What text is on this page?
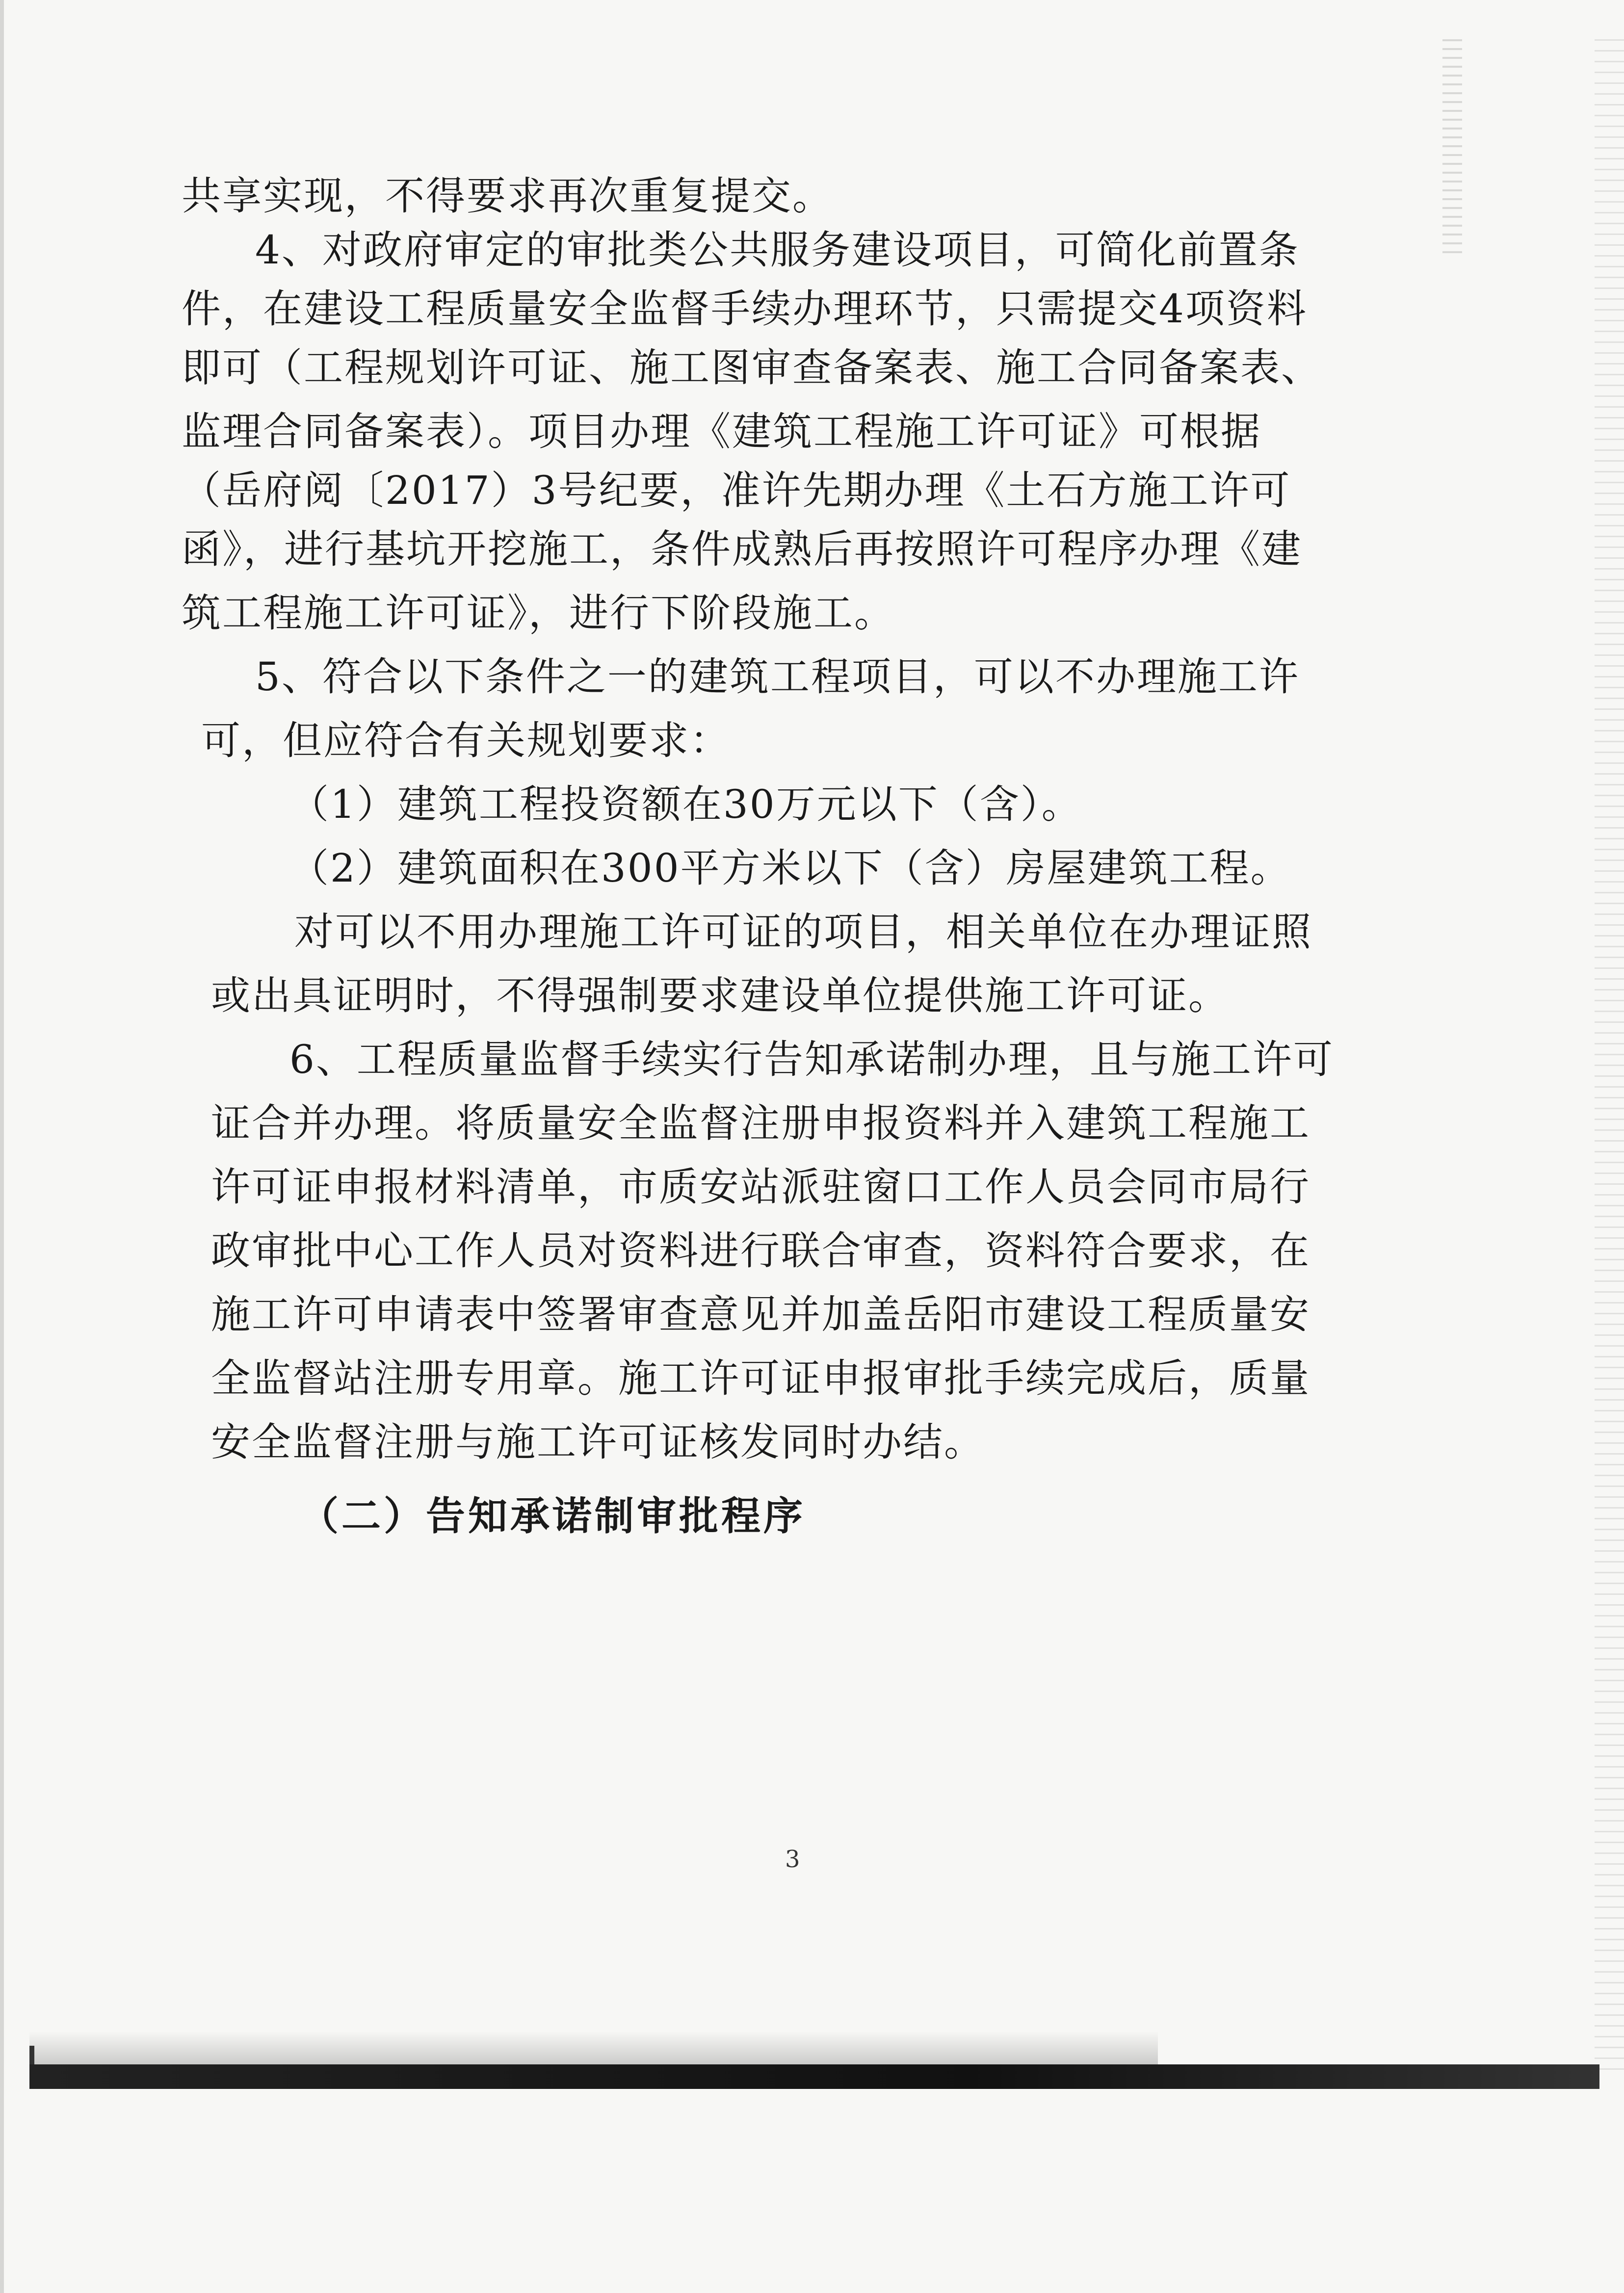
共享实现，不得要求再次重复提交。
4、对政府审定的审批类公共服务建设项目，可简化前置条
件，在建设工程质量安全监督手续办理环节，只需提交4项资料
即可（工程规划许可证、施工图审查备案表、施工合同备案表、
监理合同备案表）。项目办理《建筑工程施工许可证》可根据
（岳府阅〔2017）3号纪要，准许先期办理《土石方施工许可
函》，进行基坑开挖施工，条件成熟后再按照许可程序办理《建
筑工程施工许可证》，进行下阶段施工。
5、符合以下条件之一的建筑工程项目，可以不办理施工许
可，但应符合有关规划要求：
（1）建筑工程投资额在30万元以下（含）。
（2）建筑面积在300平方米以下（含）房屋建筑工程。
对可以不用办理施工许可证的项目，相关单位在办理证照
或出具证明时，不得强制要求建设单位提供施工许可证。
6、工程质量监督手续实行告知承诺制办理，且与施工许可
证合并办理。将质量安全监督注册申报资料并入建筑工程施工
许可证申报材料清单，市质安站派驻窗口工作人员会同市局行
政审批中心工作人员对资料进行联合审查，资料符合要求，在
施工许可申请表中签署审查意见并加盖岳阳市建设工程质量安
全监督站注册专用章。施工许可证申报审批手续完成后，质量
安全监督注册与施工许可证核发同时办结。
（二）告知承诺制审批程序
3
